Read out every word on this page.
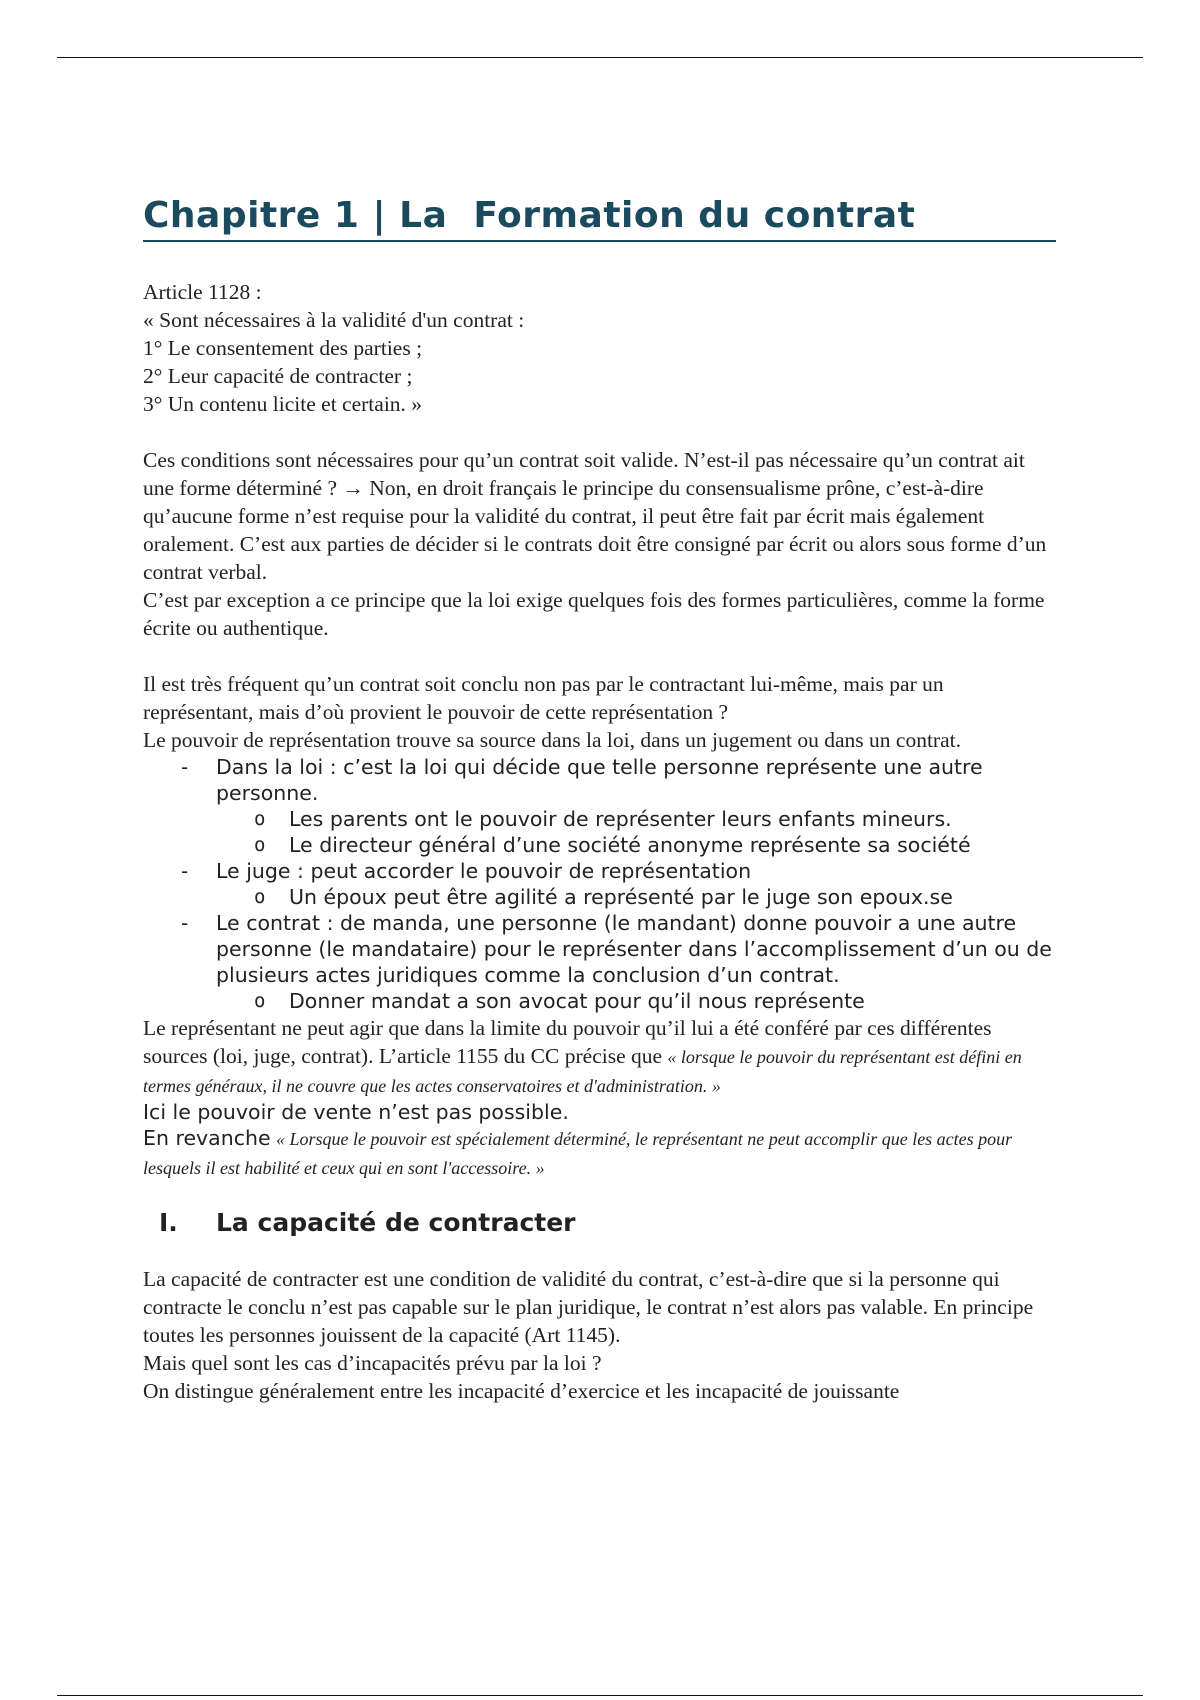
Chapitre 1 | La  Formation du contrat

Article 1128 :

« Sont nécessaires à la validité d'un contrat :

1° Le consentement des parties ;

2° Leur capacité de contracter ;

3° Un contenu licite et certain. »

Ces conditions sont nécessaires pour qu’un contrat soit valide. N’est-il pas nécessaire qu’un contrat ait une forme déterminé ? → Non, en droit français le principe du consensualisme prône, c’est-à-dire qu’aucune forme n’est requise pour la validité du contrat, il peut être fait par écrit mais également oralement. C’est aux parties de décider si le contrats doit être consigné par écrit ou alors sous forme d’un contrat verbal.

C’est par exception a ce principe que la loi exige quelques fois des formes particulières, comme la forme écrite ou authentique.

Il est très fréquent qu’un contrat soit conclu non pas par le contractant lui-même, mais par un représentant, mais d’où provient le pouvoir de cette représentation ?

Le pouvoir de représentation trouve sa source dans la loi, dans un jugement ou dans un contrat.

- Dans la loi : c’est la loi qui décide que telle personne représente une autre personne.
o Les parents ont le pouvoir de représenter leurs enfants mineurs.
o Le directeur général d’une société anonyme représente sa société
- Le juge : peut accorder le pouvoir de représentation
o Un époux peut être agilité a représenté par le juge son epoux.se
- Le contrat : de manda, une personne (le mandant) donne pouvoir a une autre personne (le mandataire) pour le représenter dans l’accomplissement d’un ou de plusieurs actes juridiques comme la conclusion d’un contrat.
o Donner mandat a son avocat pour qu’il nous représente

Le représentant ne peut agir que dans la limite du pouvoir qu’il lui a été conféré par ces différentes sources (loi, juge, contrat). L’article 1155 du CC précise que « lorsque le pouvoir du représentant est défini en termes généraux, il ne couvre que les actes conservatoires et d'administration. »

Ici le pouvoir de vente n’est pas possible.

En revanche « Lorsque le pouvoir est spécialement déterminé, le représentant ne peut accomplir que les actes pour lesquels il est habilité et ceux qui en sont l'accessoire. »

I.	La capacité de contracter

La capacité de contracter est une condition de validité du contrat, c’est-à-dire que si la personne qui contracte le conclu n’est pas capable sur le plan juridique, le contrat n’est alors pas valable. En principe toutes les personnes jouissent de la capacité (Art 1145).

Mais quel sont les cas d’incapacités prévu par la loi ?

On distingue généralement entre les incapacité d’exercice et les incapacité de jouissante
